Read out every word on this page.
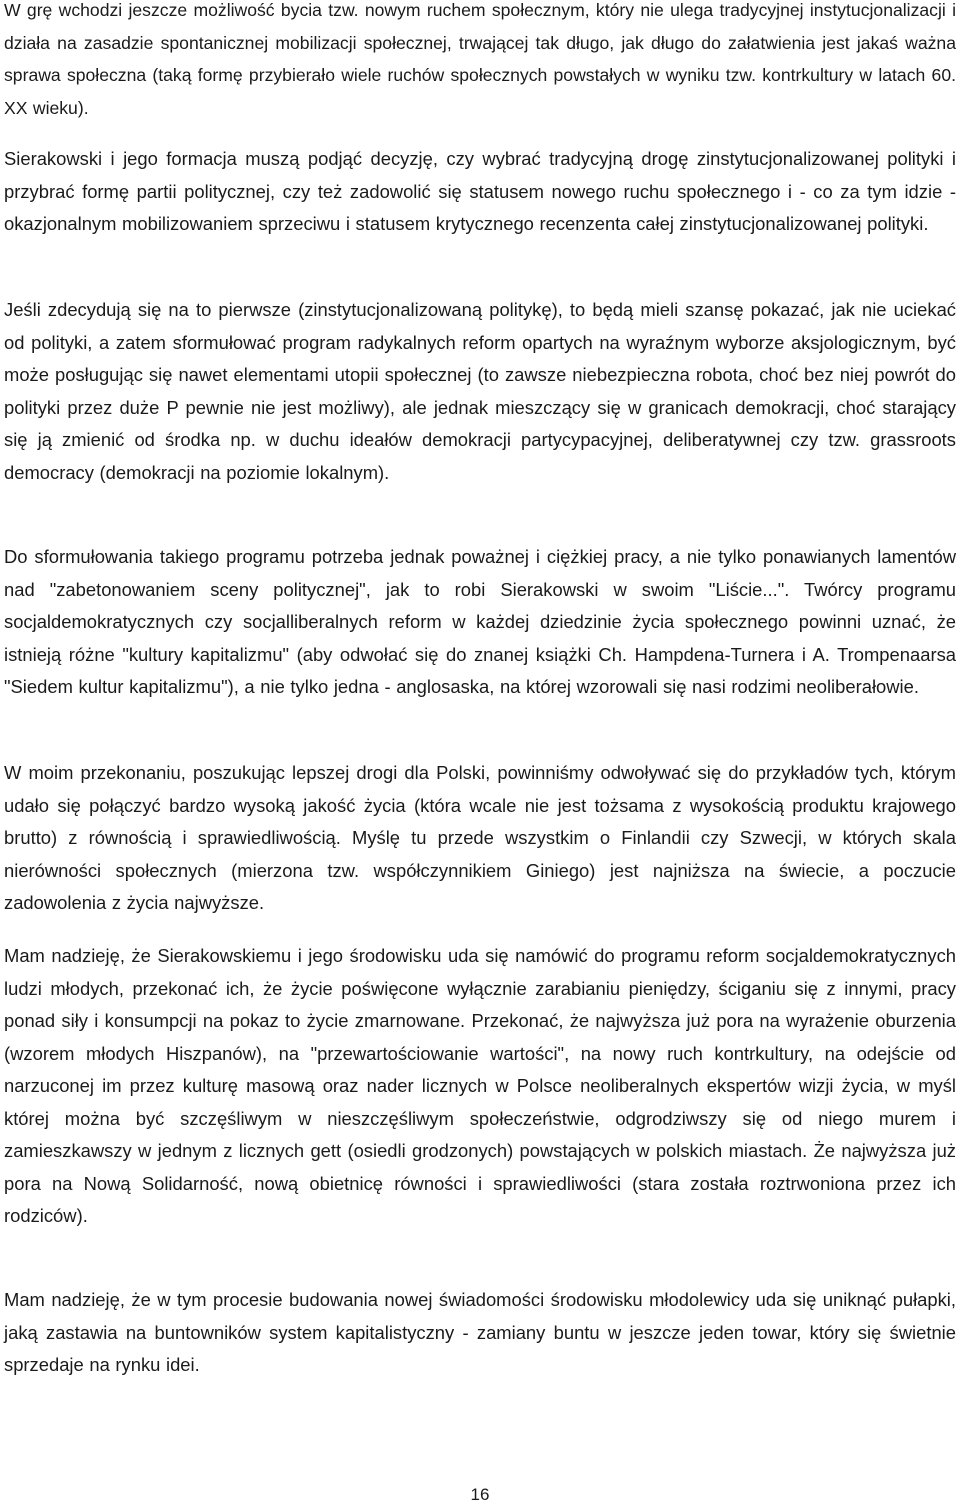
W grę wchodzi jeszcze możliwość bycia tzw. nowym ruchem społecznym, który nie ulega tradycyjnej instytucjonalizacji i działa na zasadzie spontanicznej mobilizacji społecznej, trwającej tak długo, jak długo do załatwienia jest jakaś ważna sprawa społeczna (taką formę przybierało wiele ruchów społecznych powstałych w wyniku tzw. kontrkultury w latach 60. XX wieku).

Sierakowski i jego formacja muszą podjąć decyzję, czy wybrać tradycyjną drogę zinstytucjonalizowanej polityki i przybrać formę partii politycznej, czy też zadowolić się statusem nowego ruchu społecznego i - co za tym idzie - okazjonalnym mobilizowaniem sprzeciwu i statusem krytycznego recenzenta całej zinstytucjonalizowanej polityki.

Jeśli zdecydują się na to pierwsze (zinstytucjonalizowaną politykę), to będą mieli szansę pokazać, jak nie uciekać od polityki, a zatem sformułować program radykalnych reform opartych na wyraźnym wyborze aksjologicznym, być może posługując się nawet elementami utopii społecznej (to zawsze niebezpieczna robota, choć bez niej powrót do polityki przez duże P pewnie nie jest możliwy), ale jednak mieszczący się w granicach demokracji, choć starający się ją zmienić od środka np. w duchu ideałów demokracji partycypacyjnej, deliberatywnej czy tzw. grassroots democracy (demokracji na poziomie lokalnym).

Do sformułowania takiego programu potrzeba jednak poważnej i ciężkiej pracy, a nie tylko ponawianych lamentów nad "zabetonowaniem sceny politycznej", jak to robi Sierakowski w swoim "Liście...". Twórcy programu socjaldemokratycznych czy socjalliberalnych reform w każdej dziedzinie życia społecznego powinni uznać, że istnieją różne "kultury kapitalizmu" (aby odwołać się do znanej książki Ch. Hampdena-Turnera i A. Trompenaarsa "Siedem kultur kapitalizmu"), a nie tylko jedna - anglosaska, na której wzorowali się nasi rodzimi neoliberałowie.

W moim przekonaniu, poszukując lepszej drogi dla Polski, powinniśmy odwoływać się do przykładów tych, którym udało się połączyć bardzo wysoką jakość życia (która wcale nie jest tożsama z wysokością produktu krajowego brutto) z równością i sprawiedliwością. Myślę tu przede wszystkim o Finlandii czy Szwecji, w których skala nierówności społecznych (mierzona tzw. współczynnikiem Giniego) jest najniższa na świecie, a poczucie zadowolenia z życia najwyższe.

Mam nadzieję, że Sierakowskiemu i jego środowisku uda się namówić do programu reform socjaldemokratycznych ludzi młodych, przekonać ich, że życie poświęcone wyłącznie zarabianiu pieniędzy, ściganiu się z innymi, pracy ponad siły i konsumpcji na pokaz to życie zmarnowane. Przekonać, że najwyższa już pora na wyrażenie oburzenia (wzorem młodych Hiszpanów), na "przewartościowanie wartości", na nowy ruch kontrkultury, na odejście od narzuconej im przez kulturę masową oraz nader licznych w Polsce neoliberalnych ekspertów wizji życia, w myśl której można być szczęśliwym w nieszczęśliwym społeczeństwie, odgrodziwszy się od niego murem i zamieszkawszy w jednym z licznych gett (osiedli grodzonych) powstających w polskich miastach. Że najwyższa już pora na Nową Solidarność, nową obietnicę równości i sprawiedliwości (stara została roztrwoniona przez ich rodziców).

Mam nadzieję, że w tym procesie budowania nowej świadomości środowisku młodolewicy uda się uniknąć pułapki, jaką zastawia na buntowników system kapitalistyczny - zamiany buntu w jeszcze jeden towar, który się świetnie sprzedaje na rynku idei.

16
